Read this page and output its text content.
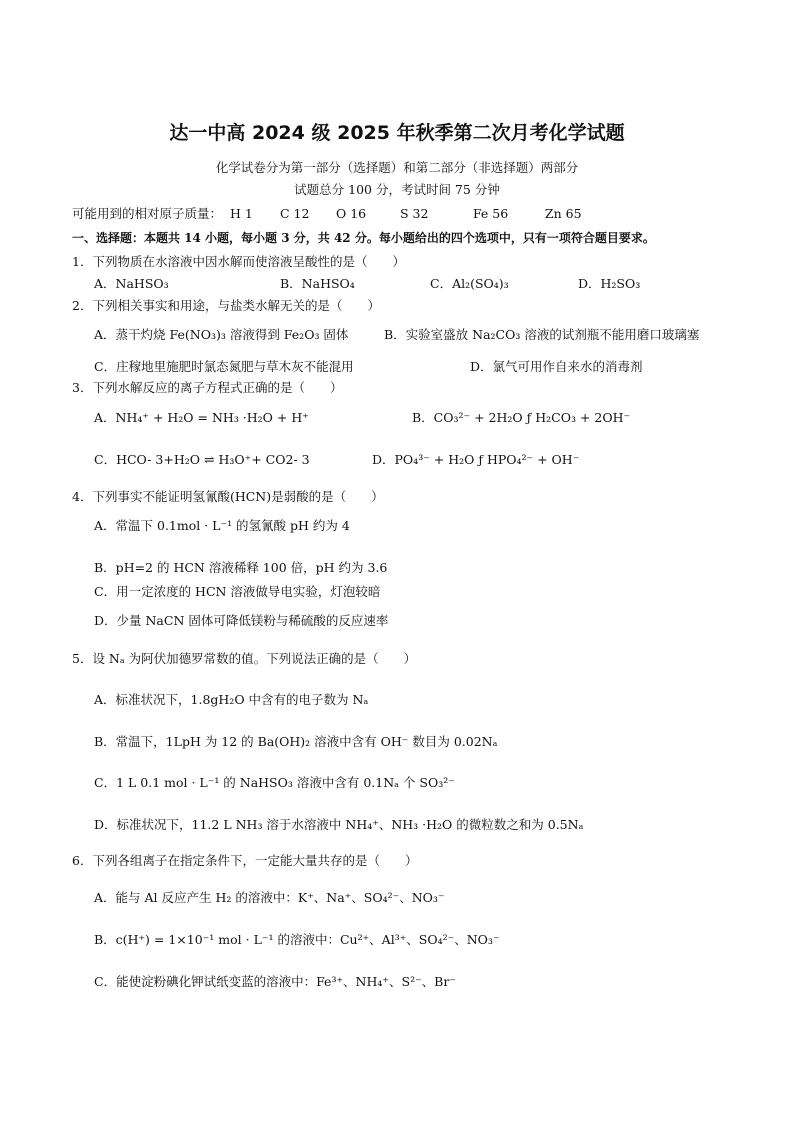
达一中高 2024 级 2025 年秋季第二次月考化学试题
化学试卷分为第一部分（选择题）和第二部分（非选择题）两部分
试题总分 100 分，考试时间 75 分钟
可能用到的相对原子质量： H 1 C 12 O 16	S 32	Fe 56	Zn 65
一、选择题：本题共 14 小题，每小题 3 分，共 42 分。每小题给出的四个选项中，只有一项符合题目要求。
1．下列物质在水溶液中因水解而使溶液呈酸性的是（　　）
A．NaHSO₃	B．NaHSO₄	C．Al₂(SO₄)₃	D．H₂SO₃
2．下列相关事实和用途，与盐类水解无关的是（　　）
A．蒸干灼烧 Fe(NO₃)₃ 溶液得到 Fe₂O₃ 固体	B．实验室盛放 Na₂CO₃ 溶液的试剂瓶不能用磨口玻璃塞
C．庄稼地里施肥时氯态氮肥与草木灰不能混用	D．氯气可用作自来水的消毒剂
3．下列水解反应的离子方程式正确的是（　　）
A．NH₄⁺ + H₂O = NH₃ ·H₂O + H⁺	B．CO₃²⁻ + 2H₂O ƒ H₂CO₃ + 2OH⁻
C．HCO- 3+H₂O ⇌ H₃O⁺+ CO2- 3	D．PO₄³⁻ + H₂O ƒ HPO₄²⁻ + OH⁻
4．下列事实不能证明氢氰酸(HCN)是弱酸的是（　　）
A．常温下 0.1mol · L⁻¹ 的氢氰酸 pH 约为 4
B．pH=2 的 HCN 溶液稀释 100 倍，pH 约为 3.6
C．用一定浓度的 HCN 溶液做导电实验，灯泡较暗
D．少量 NaCN 固体可降低镁粉与稀硫酸的反应速率
5．设 Nₐ 为阿伏加德罗常数的值。下列说法正确的是（　　）
A．标准状况下，1.8gH₂O 中含有的电子数为 Nₐ
B．常温下，1LpH 为 12 的 Ba(OH)₂ 溶液中含有 OH⁻ 数目为 0.02Nₐ
C．1 L 0.1 mol · L⁻¹ 的 NaHSO₃ 溶液中含有 0.1Nₐ 个 SO₃²⁻
D．标准状况下，11.2 L NH₃ 溶于水溶液中 NH₄⁺、NH₃ ·H₂O 的微粒数之和为 0.5Nₐ
6．下列各组离子在指定条件下，一定能大量共存的是（　　）
A．能与 Al 反应产生 H₂ 的溶液中：K⁺、Na⁺、SO₄²⁻、NO₃⁻
B．c(H⁺) = 1×10⁻¹ mol · L⁻¹ 的溶液中：Cu²⁺、Al³⁺、SO₄²⁻、NO₃⁻
C．能使淀粉碘化钾试纸变蓝的溶液中：Fe³⁺、NH₄⁺、S²⁻、Br⁻
